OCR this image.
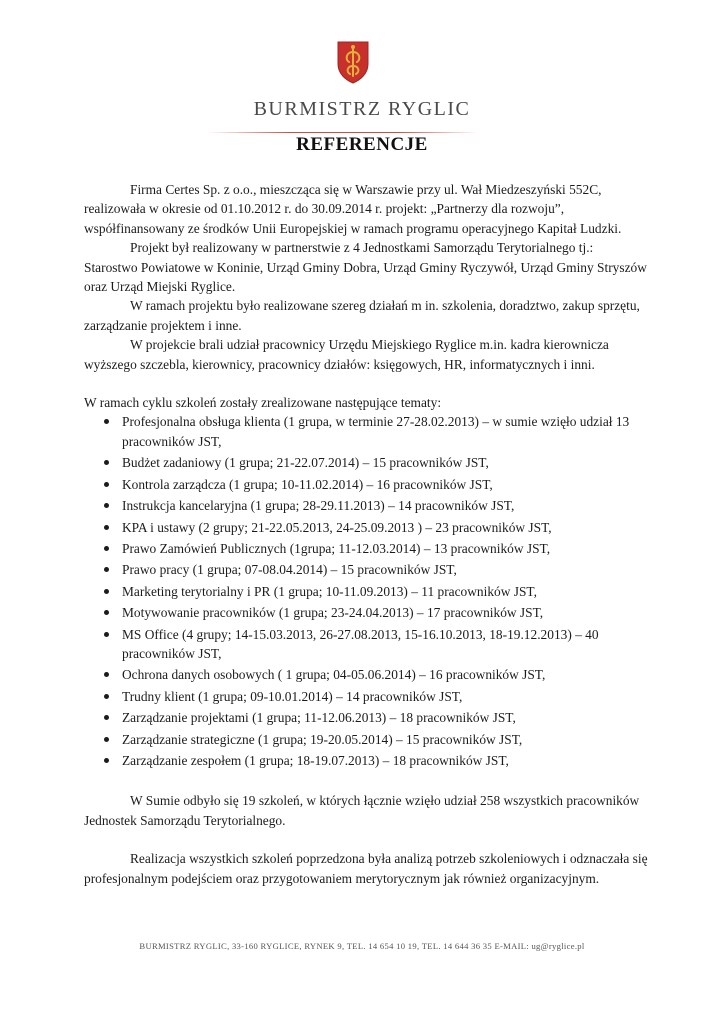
BURMISTRZ RYGLIC
REFERENCJE

Firma Certes Sp. z o.o., mieszcząca się w Warszawie przy ul. Wał Miedzeszyński 552C, realizowała w okresie od 01.10.2012 r. do 30.09.2014 r. projekt: „Partnerzy dla rozwoju”, współfinansowany ze środków Unii Europejskiej w ramach programu operacyjnego Kapitał Ludzki.

Projekt był realizowany w partnerstwie z 4 Jednostkami Samorządu Terytorialnego tj.: Starostwo Powiatowe w Koninie, Urząd Gminy Dobra, Urząd Gminy Ryczywół, Urząd Gminy Stryszów oraz Urząd Miejski Ryglice.

W ramach projektu było realizowane szereg działań m in. szkolenia, doradztwo, zakup sprzętu, zarządzanie projektem i inne.

W projekcie brali udział pracownicy Urzędu Miejskiego Ryglice m.in. kadra kierownicza wyższego szczebla, kierownicy, pracownicy działów: księgowych, HR, informatycznych i inni.

W ramach cyklu szkoleń zostały zrealizowane następujące tematy:

Profesjonalna obsługa klienta (1 grupa, w terminie 27-28.02.2013) – w sumie wzięło udział 13 pracowników JST,
Budżet zadaniowy (1 grupa; 21-22.07.2014) – 15 pracowników JST,
Kontrola zarządcza (1 grupa; 10-11.02.2014) – 16 pracowników JST,
Instrukcja kancelaryjna (1 grupa; 28-29.11.2013) – 14 pracowników JST,
KPA i ustawy (2 grupy; 21-22.05.2013, 24-25.09.2013 ) – 23 pracowników JST,
Prawo Zamówień Publicznych (1grupa; 11-12.03.2014) – 13 pracowników JST,
Prawo pracy (1 grupa; 07-08.04.2014) – 15 pracowników JST,
Marketing terytorialny i PR (1 grupa; 10-11.09.2013) – 11 pracowników JST,
Motywowanie pracowników (1 grupa; 23-24.04.2013) – 17 pracowników JST,
MS Office (4 grupy; 14-15.03.2013, 26-27.08.2013, 15-16.10.2013, 18-19.12.2013) – 40 pracowników JST,
Ochrona danych osobowych ( 1 grupa; 04-05.06.2014) – 16 pracowników JST,
Trudny klient (1 grupa; 09-10.01.2014) – 14 pracowników JST,
Zarządzanie projektami (1 grupa; 11-12.06.2013) – 18 pracowników JST,
Zarządzanie strategiczne (1 grupa; 19-20.05.2014) – 15 pracowników JST,
Zarządzanie zespołem (1 grupa; 18-19.07.2013) – 18 pracowników JST,

W Sumie odbyło się 19 szkoleń, w których łącznie wzięło udział 258 wszystkich pracowników Jednostek Samorządu Terytorialnego.

Realizacja wszystkich szkoleń poprzedzona była analizą potrzeb szkoleniowych i odznaczała się profesjonalnym podejściem oraz przygotowaniem merytorycznym jak również organizacyjnym.

BURMISTRZ RYGLIC, 33-160 RYGLICE, RYNEK 9, TEL. 14 654 10 19, TEL. 14 644 36 35 E-MAIL: ug@ryglice.pl
